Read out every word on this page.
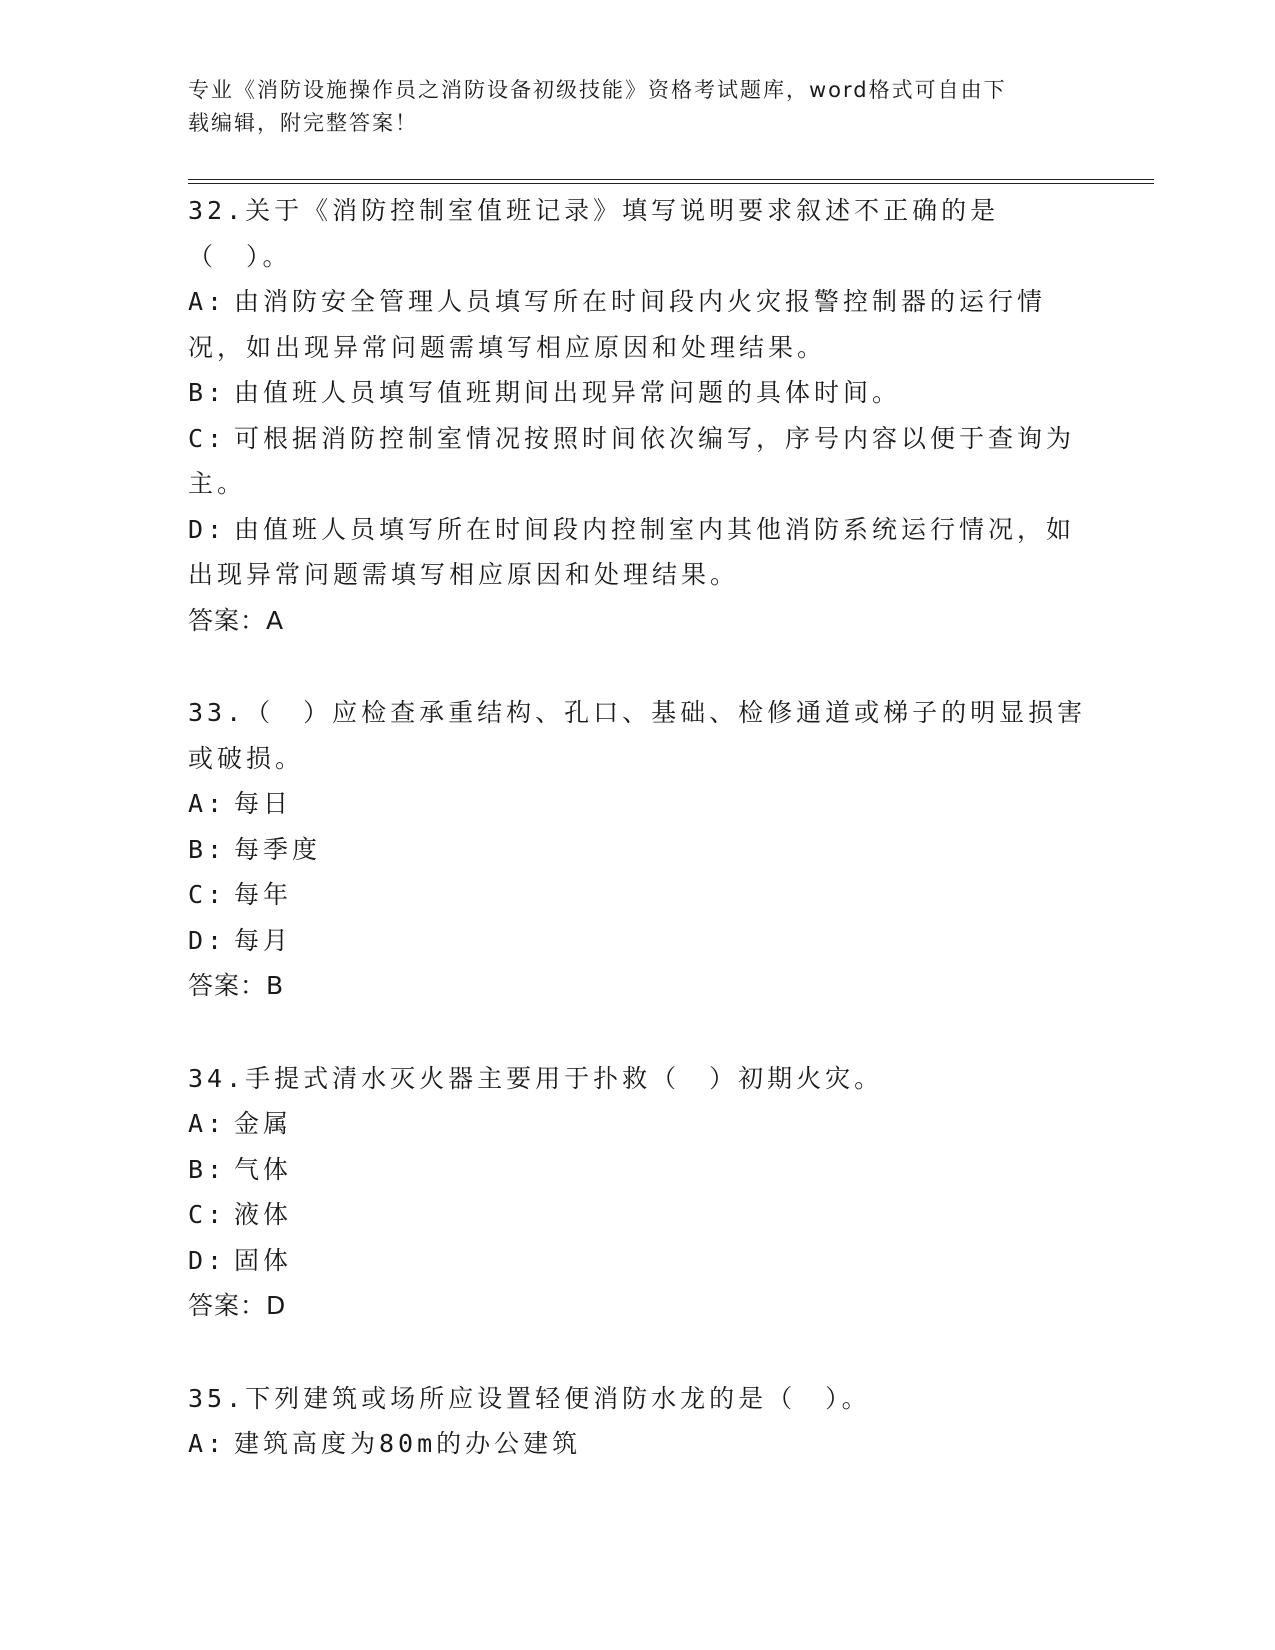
专业《消防设施操作员之消防设备初级技能》资格考试题库，word格式可自由下
载编辑，附完整答案！
32.关于《消防控制室值班记录》填写说明要求叙述不正确的是（　）。
A: 由消防安全管理人员填写所在时间段内火灾报警控制器的运行情况，如出现异常问题需填写相应原因和处理结果。
B: 由值班人员填写值班期间出现异常问题的具体时间。
C: 可根据消防控制室情况按照时间依次编写，序号内容以便于查询为主。
D: 由值班人员填写所在时间段内控制室内其他消防系统运行情况，如出现异常问题需填写相应原因和处理结果。
答案：A
33.（　）应检查承重结构、孔口、基础、检修通道或梯子的明显损害或破损。
A: 每日
B: 每季度
C: 每年
D: 每月
答案：B
34.手提式清水灭火器主要用于扑救（　）初期火灾。
A: 金属
B: 气体
C: 液体
D: 固体
答案：D
35.下列建筑或场所应设置轻便消防水龙的是（　）。
A: 建筑高度为80m的办公建筑
